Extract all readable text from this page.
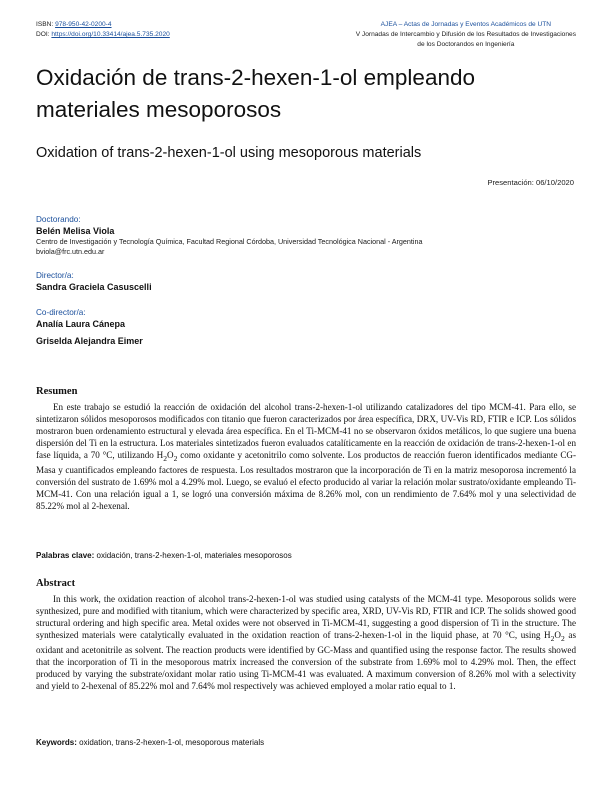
ISBN: 978-950-42-0200-4
DOI: https://doi.org/10.33414/ajea.5.735.2020
AJEA – Actas de Jornadas y Eventos Académicos de UTN
V Jornadas de Intercambio y Difusión de los Resultados de Investigaciones
de los Doctorandos en Ingeniería
Oxidación de trans-2-hexen-1-ol empleando materiales mesoporosos
Oxidation of trans-2-hexen-1-ol using mesoporous materials
Presentación: 06/10/2020
Doctorando:
Belén Melisa Viola
Centro de Investigación y Tecnología Química, Facultad Regional Córdoba, Universidad Tecnológica Nacional - Argentina
bviola@frc.utn.edu.ar
Director/a:
Sandra Graciela Casuscelli
Co-director/a:
Analía Laura Cánepa
Griselda Alejandra Eimer
Resumen
En este trabajo se estudió la reacción de oxidación del alcohol trans-2-hexen-1-ol utilizando catalizadores del tipo MCM-41. Para ello, se sintetizaron sólidos mesoporosos modificados con titanio que fueron caracterizados por área específica, DRX, UV-Vis RD, FTIR e ICP. Los sólidos mostraron buen ordenamiento estructural y elevada área específica. En el Ti-MCM-41 no se observaron óxidos metálicos, lo que sugiere una buena dispersión del Ti en la estructura. Los materiales sintetizados fueron evaluados catalíticamente en la reacción de oxidación de trans-2-hexen-1-ol en fase líquida, a 70 °C, utilizando $H_2O_2$ como oxidante y acetonitrilo como solvente. Los productos de reacción fueron identificados mediante CG-Masa y cuantificados empleando factores de respuesta. Los resultados mostraron que la incorporación de Ti en la matriz mesoporosa incrementó la conversión del sustrato de 1.69% mol a 4.29% mol. Luego, se evaluó el efecto producido al variar la relación molar sustrato/oxidante empleando Ti-MCM-41. Con una relación igual a 1, se logró una conversión máxima de 8.26% mol, con un rendimiento de 7.64% mol y una selectividad de 85.22% mol al 2-hexenal.
Palabras clave: oxidación, trans-2-hexen-1-ol, materiales mesoporosos
Abstract
In this work, the oxidation reaction of alcohol trans-2-hexen-1-ol was studied using catalysts of the MCM-41 type. Mesoporous solids were synthesized, pure and modified with titanium, which were characterized by specific area, XRD, UV-Vis RD, FTIR and ICP. The solids showed good structural ordering and high specific area. Metal oxides were not observed in Ti-MCM-41, suggesting a good dispersion of Ti in the structure. The synthesized materials were catalytically evaluated in the oxidation reaction of trans-2-hexen-1-ol in the liquid phase, at 70 °C, using $H_2O_2$ as oxidant and acetonitrile as solvent. The reaction products were identified by GC-Mass and quantified using the response factor. The results showed that the incorporation of Ti in the mesoporous matrix increased the conversion of the substrate from 1.69% mol to 4.29% mol. Then, the effect produced by varying the substrate/oxidant molar ratio using Ti-MCM-41 was evaluated. A maximum conversion of 8.26% mol with a selectivity and yield to 2-hexenal of 85.22% mol and 7.64% mol respectively was achieved employed a molar ratio equal to 1.
Keywords: oxidation, trans-2-hexen-1-ol, mesoporous materials
